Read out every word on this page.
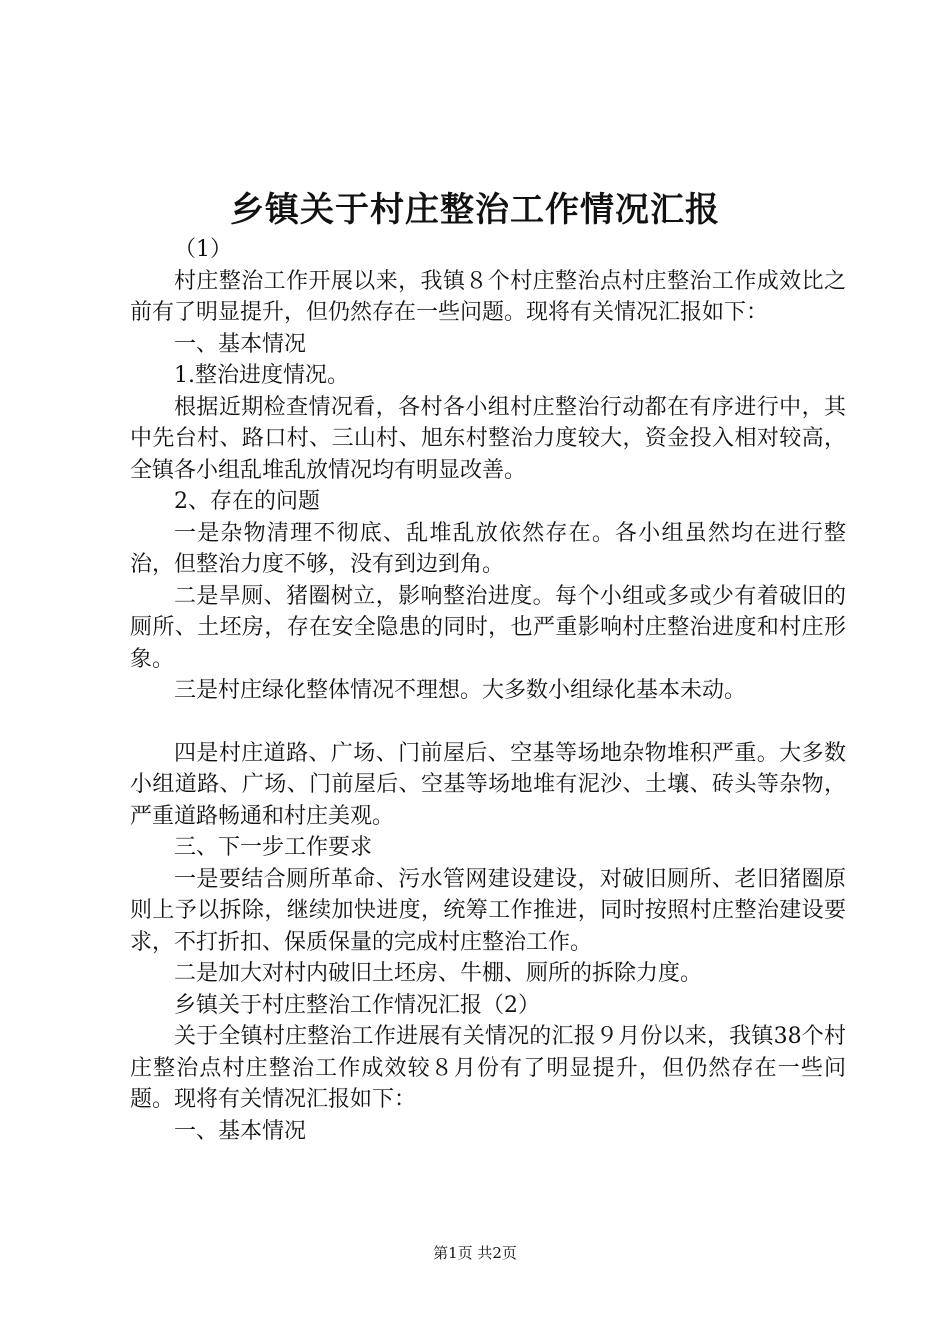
乡镇关于村庄整治工作情况汇报

（1）

村庄整治工作开展以来，我镇８个村庄整治点村庄整治工作成效比之前有了明显提升，但仍然存在一些问题。现将有关情况汇报如下：

一、基本情况

1.整治进度情况。

根据近期检查情况看，各村各小组村庄整治行动都在有序进行中，其中先台村、路口村、三山村、旭东村整治力度较大，资金投入相对较高，全镇各小组乱堆乱放情况均有明显改善。

2、存在的问题

一是杂物清理不彻底、乱堆乱放依然存在。各小组虽然均在进行整治，但整治力度不够，没有到边到角。

二是旱厕、猪圈树立，影响整治进度。每个小组或多或少有着破旧的厕所、土坯房，存在安全隐患的同时，也严重影响村庄整治进度和村庄形象。

三是村庄绿化整体情况不理想。大多数小组绿化基本未动。

四是村庄道路、广场、门前屋后、空基等场地杂物堆积严重。大多数小组道路、广场、门前屋后、空基等场地堆有泥沙、土壤、砖头等杂物，严重道路畅通和村庄美观。

三、下一步工作要求

一是要结合厕所革命、污水管网建设建设，对破旧厕所、老旧猪圈原则上予以拆除，继续加快进度，统筹工作推进，同时按照村庄整治建设要求，不打折扣、保质保量的完成村庄整治工作。

二是加大对村内破旧土坯房、牛棚、厕所的拆除力度。

乡镇关于村庄整治工作情况汇报（2）

关于全镇村庄整治工作进展有关情况的汇报９月份以来，我镇38个村庄整治点村庄整治工作成效较８月份有了明显提升，但仍然存在一些问题。现将有关情况汇报如下：

一、基本情况

第1页 共2页
